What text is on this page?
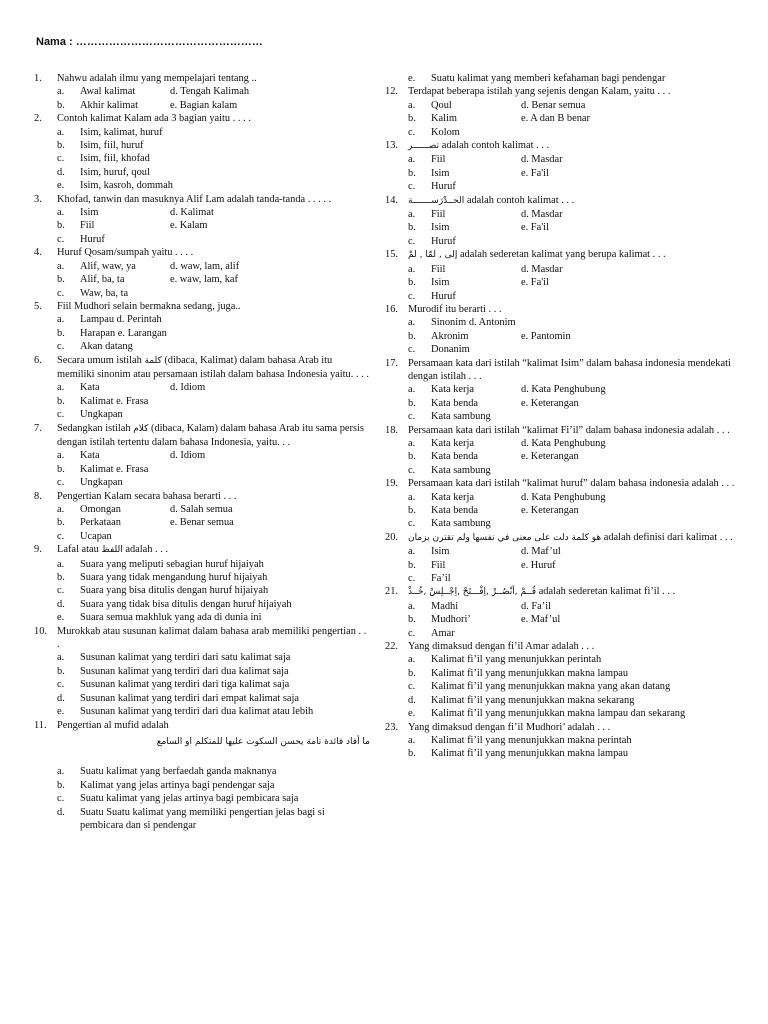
Nama : ……………………………………………
1.	Nahwu adalah ilmu yang mempelajari tentang ..
a.	Awal kalimat	d. Tengah Kalimah
b.	Akhir kalimat	e. Bagian kalam
2.	Contoh kalimat Kalam ada 3 bagian yaitu . . . .
a.	Isim, kalimat, huruf
b.	Isim, fiil, huruf
c.	Isim, fiil, khofad
d.	Isim, huruf, qoul
e.	Isim, kasroh, dommah
3.	Khofad, tanwin dan masuknya Alif Lam adalah tanda-tanda . . . . .
a.	Isim	d. Kalimat
b.	Fiil	e. Kalam
c.	Huruf
4.	Huruf Qosam/sumpah yaitu . . . .
a.	Alif, waw, ya	d. waw, lam, alif
b.	Alif, ba, ta	e. waw, lam, kaf
c.	Waw, ba, ta
5.	Fiil Mudhori selain bermakna sedang, juga..
a.	Lampau d. Perintah
b.	Harapan e. Larangan
c.	Akan datang
6.	Secara umum istilah كلمة (dibaca, Kalimat) dalam bahasa Arab itu memiliki sinonim atau persamaan istilah dalam bahasa Indonesia yaitu. . . .
a.	Kata	d. Idiom
b.	Kalimat e. Frasa
c.	Ungkapan
7.	Sedangkan istilah كلام (dibaca, Kalam) dalam bahasa Arab itu sama persis dengan istilah tertentu dalam bahasa Indonesia, yaitu. . .
a.	Kata	d. Idiom
b.	Kalimat e. Frasa
c.	Ungkapan
8.	Pengertian Kalam secara bahasa berarti . . .
a.	Omongan	d. Salah semua
b.	Perkataan	e. Benar semua
c.	Ucapan
9.	Lafal atau اللفظ adalah . . .
a.	Suara yang meliputi sebagian huruf hijaiyah
b.	Suara yang tidak mengandung huruf hijaiyah
c.	Suara yang bisa ditulis dengan huruf hijaiyah
d.	Suara yang tidak bisa ditulis dengan huruf hijaiyah
e.	Suara semua makhluk yang ada di dunia ini
10. Murokkab atau susunan kalimat dalam bahasa arab memiliki pengertian . . .
a.	Susunan kalimat yang terdiri dari satu kalimat saja
b.	Susunan kalimat yang terdiri dari dua kalimat saja
c.	Susunan kalimat yang terdiri dari tiga kalimat saja
d.	Susunan kalimat yang terdiri dari empat kalimat saja
e.	Susunan kalimat yang terdiri dari dua kalimat atau lebih
11. Pengertian al mufid adalah
ما أفاد فائدة تامة يحسن السكوت عليها للمتكلم او السامع
a.	Suatu kalimat yang berfaedah ganda maknanya
b.	Kalimat yang jelas artinya bagi pendengar saja
c.	Suatu kalimat yang jelas artinya bagi pembicara saja
d.	Suatu Suatu kalimat yang memiliki pengertian jelas bagi si pembicara dan si pendengar
e.	Suatu kalimat yang memberi kefahaman bagi pendengar
12. Terdapat beberapa istilah yang sejenis dengan Kalam, yaitu . . .
a.	Qoul	d. Benar semua
b.	Kalim	e. A dan B benar
c.	Kolom
13.	تصــــــر adalah contoh kalimat . . .
a.	Fiil	d. Masdar
b.	Isim	e. Fa'il
c.	Huruf
14.	الحــدْرَســـــــة adalah contoh kalimat . . .
a.	Fiil	d. Masdar
b.	Isim	e. Fa'il
c.	Huruf
15.	إلى , لمّا , لمْ adalah sederetan kalimat yang berupa kalimat . . .
a.	Fiil	d. Masdar
b.	Isim	e. Fa'il
c.	Huruf
16. Murodif itu berarti . . .
a.	Sinonim d. Antonim
b.	Akronim	e. Pantomin
c.	Donanim
17. Persamaan kata dari istilah “kalimat Isim” dalam bahasa indonesia mendekati dengan istilah . . .
a.	Kata kerja	d. Kata Penghubung
b.	Kata benda	e. Keterangan
c.	Kata sambung
18. Persamaan kata dari istilah “kalimat Fi’il” dalam bahasa indonesia adalah . . .
a.	Kata kerja	d. Kata Penghubung
b.	Kata benda	e. Keterangan
c.	Kata sambung
19. Persamaan kata dari istilah “kalimat huruf” dalam bahasa indonesia adalah . . .
a.	Kata kerja	d. Kata Penghubung
b.	Kata benda	e. Keterangan
c.	Kata sambung
20.	هو كلمة دلت على معنى في نفسها ولم تقترن بزمان adalah definisi dari kalimat . . .
a.	Isim	d. Maf’ul
b.	Fiil	e. Huruf
c.	Fa’il
21.	قُــمْ ,أنْصُــرْ ,اِفْـــتَحْ ,اِجْــلِسْ ,خُــذْ adalah sederetan kalimat fi’il . . .
a.	Madhi	d. Fa’il
b.	Mudhori’	e. Maf’ul
c.	Amar
22. Yang dimaksud dengan fi’il Amar adalah . . .
a.	Kalimat fi’il yang menunjukkan perintah
b.	Kalimat fi’il yang menunjukkan makna lampau
c.	Kalimat fi’il yang menunjukkan makna yang akan datang
d.	Kalimat fi’il yang menunjukkan makna sekarang
e.	Kalimat fi’il yang menunjukkan makna lampau dan sekarang
23. Yang dimaksud dengan fi’il Mudhori’ adalah . . .
a.	Kalimat fi’il yang menunjukkan makna perintah
b.	Kalimat fi’il yang menunjukkan makna lampau
